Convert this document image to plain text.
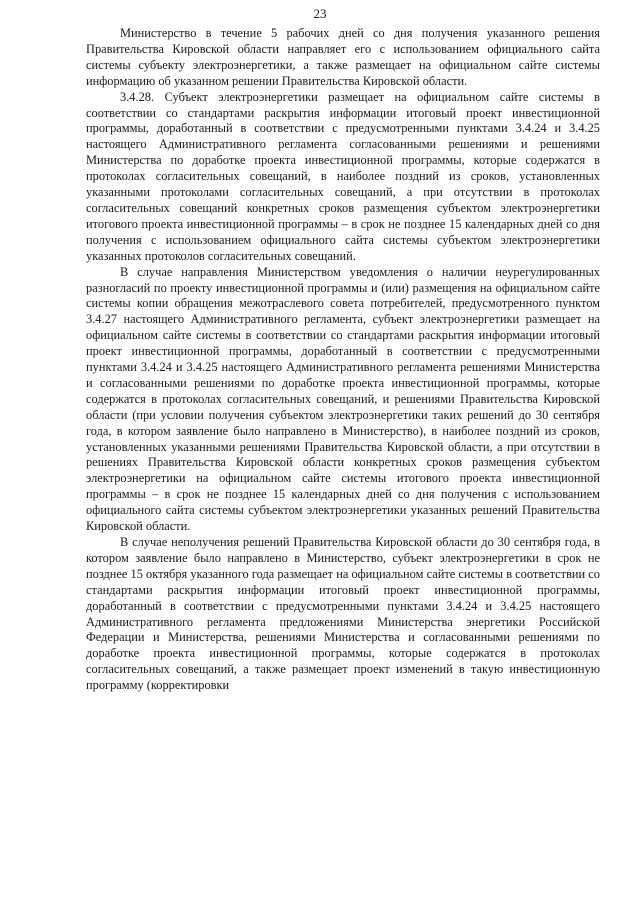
23

Министерство в течение 5 рабочих дней со дня получения указанного решения Правительства Кировской области направляет его с использованием официального сайта системы субъекту электроэнергетики, а также размещает на официальном сайте системы информацию об указанном решении Правительства Кировской области.

3.4.28. Субъект электроэнергетики размещает на официальном сайте системы в соответствии со стандартами раскрытия информации итоговый проект инвестиционной программы, доработанный в соответствии с предусмотренными пунктами 3.4.24 и 3.4.25 настоящего Административного регламента согласованными решениями и решениями Министерства по доработке проекта инвестиционной программы, которые содержатся в протоколах согласительных совещаний, в наиболее поздний из сроков, установленных указанными протоколами согласительных совещаний, а при отсутствии в протоколах согласительных совещаний конкретных сроков размещения субъектом электроэнергетики итогового проекта инвестиционной программы – в срок не позднее 15 календарных дней со дня получения с использованием официального сайта системы субъектом электроэнергетики указанных протоколов согласительных совещаний.

В случае направления Министерством уведомления о наличии неурегулированных разногласий по проекту инвестиционной программы и (или) размещения на официальном сайте системы копии обращения межотраслевого совета потребителей, предусмотренного пунктом 3.4.27 настоящего Административного регламента, субъект электроэнергетики размещает на официальном сайте системы в соответствии со стандартами раскрытия информации итоговый проект инвестиционной программы, доработанный в соответствии с предусмотренными пунктами 3.4.24 и 3.4.25 настоящего Административного регламента решениями Министерства и согласованными решениями по доработке проекта инвестиционной программы, которые содержатся в протоколах согласительных совещаний, и решениями Правительства Кировской области (при условии получения субъектом электроэнергетики таких решений до 30 сентября года, в котором заявление было направлено в Министерство), в наиболее поздний из сроков, установленных указанными решениями Правительства Кировской области, а при отсутствии в решениях Правительства Кировской области конкретных сроков размещения субъектом электроэнергетики на официальном сайте системы итогового проекта инвестиционной программы – в срок не позднее 15 календарных дней со дня получения с использованием официального сайта системы субъектом электроэнергетики указанных решений Правительства Кировской области.

В случае неполучения решений Правительства Кировской области до 30 сентября года, в котором заявление было направлено в Министерство, субъект электроэнергетики в срок не позднее 15 октября указанного года размещает на официальном сайте системы в соответствии со стандартами раскрытия информации итоговый проект инвестиционной программы, доработанный в соответствии с предусмотренными пунктами 3.4.24 и 3.4.25 настоящего Административного регламента предложениями Министерства энергетики Российской Федерации и Министерства, решениями Министерства и согласованными решениями по доработке проекта инвестиционной программы, которые содержатся в протоколах согласительных совещаний, а также размещает проект изменений в такую инвестиционную программу (корректировки
